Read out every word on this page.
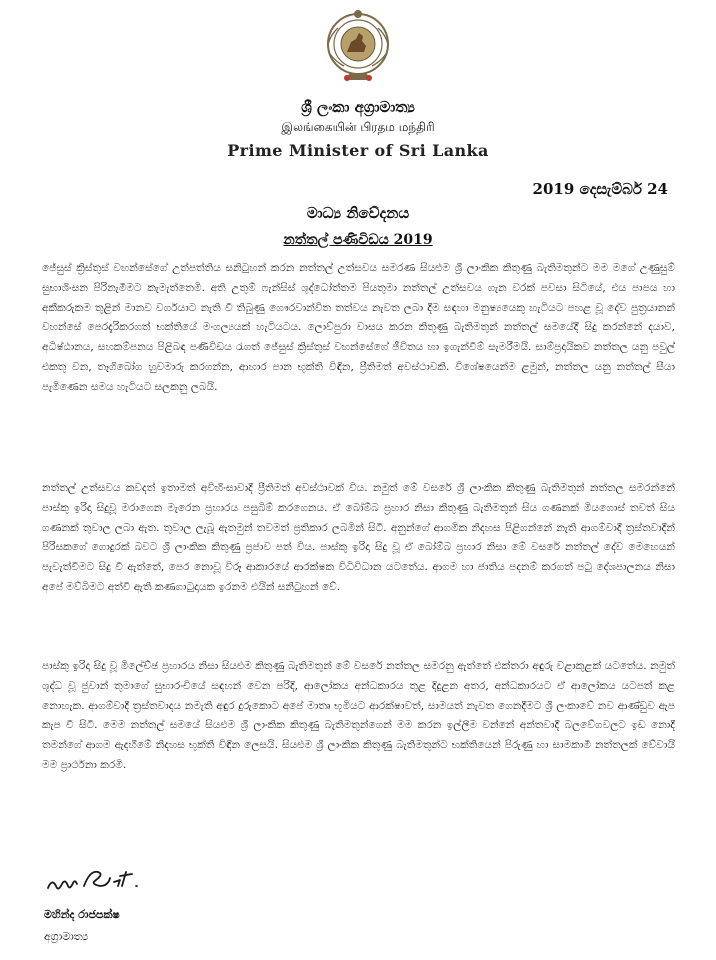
ශ්‍රී ලංකා අග්‍රාමාත්‍ය
இலங்கையின் பிரதம மந்திரி
Prime Minister of Sri Lanka
2019 දෙසැම්බර් 24
මාධ්‍ය නිවේදනය
නත්තල් පණිවිඩය 2019

ජේසුස් ක්‍රිස්තුස් වහන්සේගේ උත්පත්තිය සනිටුහන් කරන නත්තල් උත්සවය සමරණ සියළුම ශ්‍රී ලාංකික කිතුණු බැතිමතුන්ට මම මගේ උණුසුම් සුභාශිංසන පිරිනැමීමට කැමැත්තෙමි. අති උතුම් ෆැන්සිස් ශුද්ධෝත්තම පියතුමා නත්තල් උත්සවය ගැන වරක් පවසා සිටියේ, එය පාපය හා අකීකරුකම තුළින් මානව වර්ගයාට නැති වී තිබුණු ගෞරවාන්විත තත්වය නැවත ලබා දීම සඳහා මනුෂ්‍යයෙකු හැටියට පහළ වූ දේව පුත්‍රයානන් වහන්සේ පෙරදැරිකරගත් භක්තියේ මංගල්‍යයක් හැටියටය. ලොව්පුරා වාසය කරන කිතුණු බැතිමතුන් නත්තල් සමයේදී සිදු කරන්නේ දයාව, අධිෂ්ඨානය, සහකම්පනය පිළිබඳ පණිවිඩය රැගත් ජේසුස් ක්‍රිස්තුස් වහන්සේගේ ජීවිතය හා ඉගැන්වීම් සැමරීමයි. සාම්ප්‍රදායිකව නත්තල යනු පවුල් එකතු වන, තෑගිබෝග හුවමාරු කරගන්න, ආහාර පාන භුක්ති විඳින, ප්‍රීතිමත් අවස්ථාවකි. විශේෂයෙන්ම ළමුන්, නත්තල යනු නත්තල් සීයා පැමිණෙන සමය හැටියට සලකනු ලබයි.

නත්තල් උත්සවය කවදත් ඉතාමත් අවිහිංසාවාදී ප්‍රීතිමත් අවස්ථාවක් විය. නමුත් මේ වසරේ ශ්‍රී ලාංකික කිතුණු බැතිමතුන් නත්තල සමරන්නේ පාස්කු ඉරිදා සිදුවූ මරාගෙන මැරෙන ප්‍රහාරය පසුබිම් කරගෙනය. ඒ බෝම්බ ප්‍රහාර නිසා කිතුණු බැතිමතුන් සිය ගණනක් මියගොස් තවත් සිය ගණනක් තුවාල ලබා ඇත. තුවාල ලැබූ ඇතමුන් තවමත් ප්‍රතිකාර ලබමින් සිටී. අනුන්ගේ ආගමික නිදහස පිළිගන්නේ නැති ආගම්වාදී ත්‍රස්තවාදීන් පිරිසකගේ ගොදුරක් බවට ශ්‍රී ලාංකික කිතුණු ප්‍රජාව පත් විය. පාස්කු ඉරිදා සිදු වූ ඒ බෝම්බ ප්‍රහාර නිසා මේ වසරේ නත්තල් දේව මෙහෙයන් පැවැත්වීමට සිදු වී ඇත්තේ, පෙර නොවූ විරූ ආකාරයේ ආරක්ෂක විධිවිධාන යටතේය. ආගම හා ජාතිය පදනම් කරගත් පටු දේශපාලනය නිසා අපේ මව්බිමට අත්වී ඇති කණගාටුදායක ඉරනම එයින් සනිටුහන් වේ.

පාස්කු ඉරිදා සිදු වූ මිලේච්ඡ ප්‍රහාරය නිසා සියළුම කිතුණු බැතිමතුන් මේ වසරේ නත්තල සමරනු ඇත්තේ එක්තරා අඳුරු වළාකුළක් යටතේය. නමුත් ශුද්ධ වූ ජුවාන් තුමාගේ සුභාරංචියේ සඳහන් වෙන පරිදි, ආලෝකය අන්ධකාරය තුළ දිදුළන අතර, අන්ධකාරයට ඒ ආලෝකය යටපත් කළ නොහැක. ආගම්වාදී ත්‍රස්තවාදය නමැති අඳුර දුරුකොට අපේ මාතෘ භූමියට ආරක්ෂාවත්, සාමයත් නැවත ගෙනදීමට ශ්‍රී ලංකාවේ නව ආණ්ඩුව ඇප කැප වී සිටී. මෙම නත්තල් සමයේ සියළුම ශ්‍රී ලාංකික කිතුණු බැතිමතුන්ගෙන් මම කරන ඉල්ලීම වන්නේ අන්තවාදී බලවේගවලට ඉඩ නොදී තමන්ගේ ආගම ඇදහීමේ නිදහස භුක්ති විඳින ලෙසයි. සියළුම ශ්‍රී ලාංකික කිතුණු බැතිමතුන්ට භක්තියෙන් පිරුණු හා සාමකාමී නත්තලක් වේවායි මම ප්‍රාර්ථනා කරමි.

මහින්ද රාජපක්ෂ
අග්‍රාමාත්‍ය
